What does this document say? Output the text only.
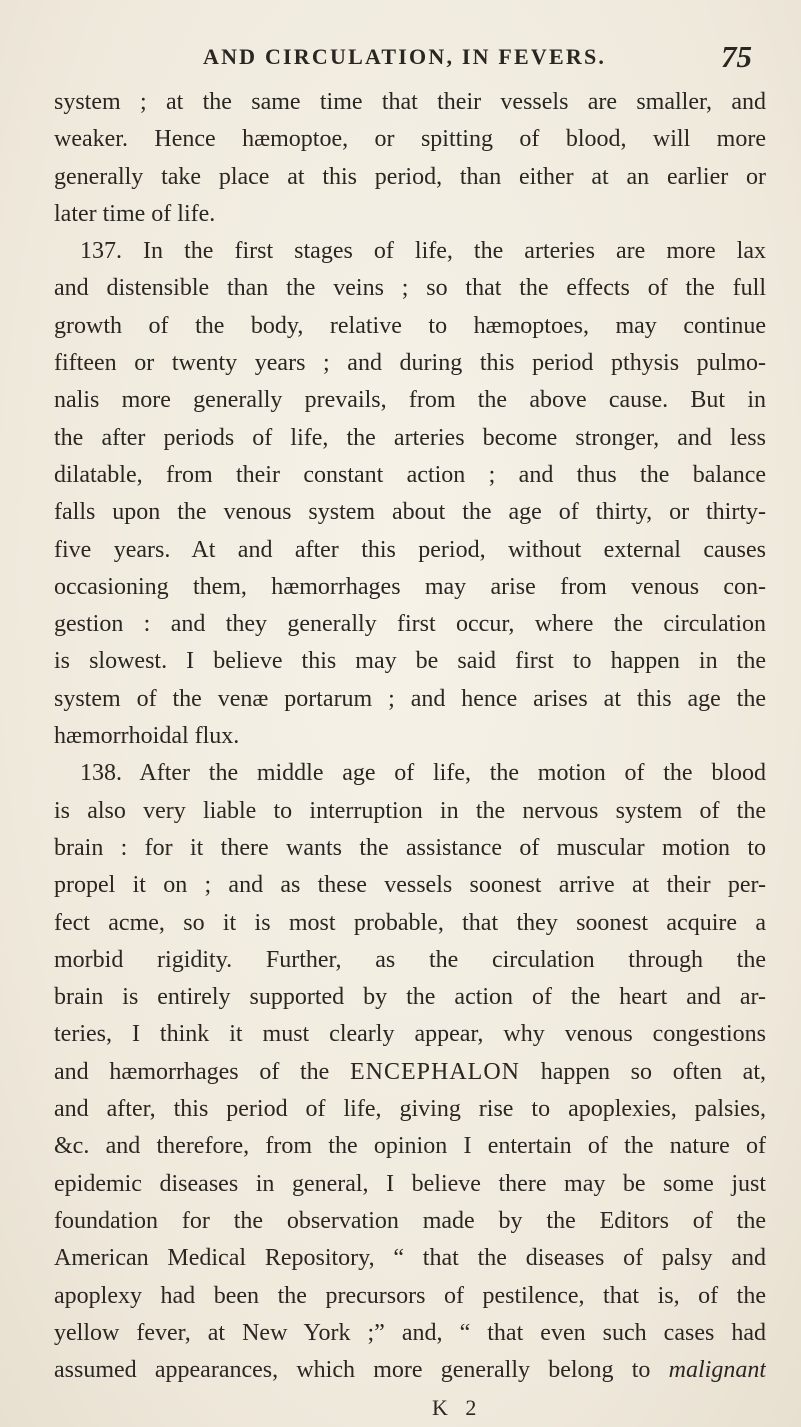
AND CIRCULATION, IN FEVERS.	75
system ; at the same time that their vessels are smaller, and
weaker. Hence hæmoptoe, or spitting of blood, will more
generally take place at this period, than either at an earlier or
later time of life.
137. In the first stages of life, the arteries are more lax
and distensible than the veins ; so that the effects of the full
growth of the body, relative to hæmoptoes, may continue
fifteen or twenty years ; and during this period pthysis pulmo-
nalis more generally prevails, from the above cause. But in
the after periods of life, the arteries become stronger, and less
dilatable, from their constant action ; and thus the balance
falls upon the venous system about the age of thirty, or thirty-
five years. At and after this period, without external causes
occasioning them, hæmorrhages may arise from venous con-
gestion : and they generally first occur, where the circulation
is slowest. I believe this may be said first to happen in the
system of the venæ portarum ; and hence arises at this age the
hæmorrhoidal flux.
138. After the middle age of life, the motion of the blood
is also very liable to interruption in the nervous system of the
brain : for it there wants the assistance of muscular motion to
propel it on ; and as these vessels soonest arrive at their per-
fect acme, so it is most probable, that they soonest acquire a
morbid rigidity. Further, as the circulation through the
brain is entirely supported by the action of the heart and ar-
teries, I think it must clearly appear, why venous congestions
and hæmorrhages of the ENCEPHALON happen so often at,
and after, this period of life, giving rise to apoplexies, palsies,
&c. and therefore, from the opinion I entertain of the nature of
epidemic diseases in general, I believe there may be some just
foundation for the observation made by the Editors of the
American Medical Repository, “ that the diseases of palsy and
apoplexy had been the precursors of pestilence, that is, of the
yellow fever, at New York ;” and, “ that even such cases had
assumed appearances, which more generally belong to malignant
K 2
